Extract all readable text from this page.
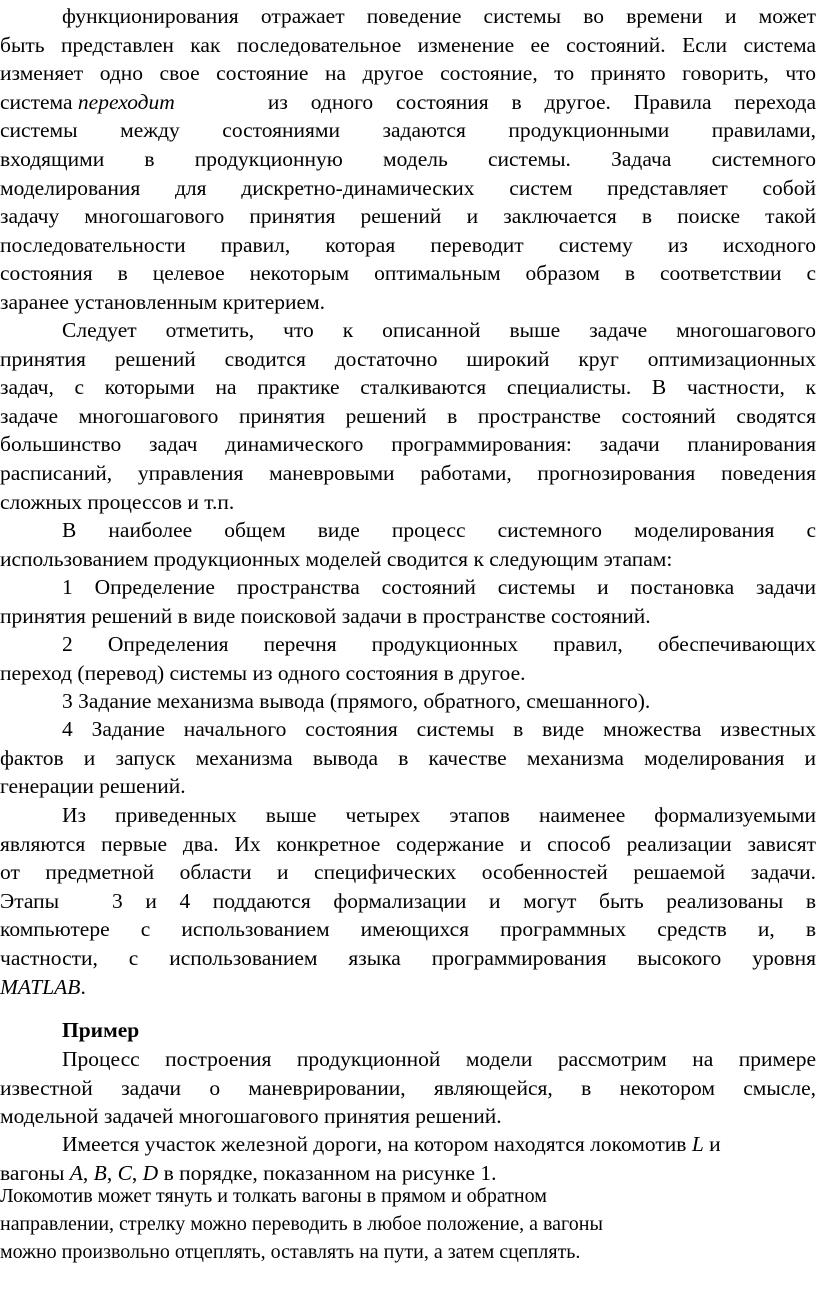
функционирования отражает поведение системы во времени и может
быть представлен как последовательное изменение ее состояний. Если система
изменяет одно свое состояние на другое состояние, то принято говорить, что
система переходит	из одного состояния в другое. Правила перехода
системы между состояниями задаются продукционными правилами,
входящими в продукционную модель системы. Задача системного
моделирования для дискретно-динамических систем представляет собой
задачу многошагового принятия решений и заключается в поиске такой
последовательности правил, которая переводит систему из исходного
состояния в целевое некоторым оптимальным образом в соответствии с
заранее установленным критерием.
Следует отметить, что к описанной выше задаче многошагового
принятия решений сводится достаточно широкий круг оптимизационных
задач, с которыми на практике сталкиваются специалисты. В частности, к
задаче многошагового принятия решений в пространстве состояний сводятся
большинство задач динамического программирования: задачи планирования
расписаний, управления маневровыми работами, прогнозирования поведения
сложных процессов и т.п.
В наиболее общем виде процесс системного моделирования с
использованием продукционных моделей сводится к следующим этапам:
1 Определение пространства состояний системы и постановка задачи
принятия решений в виде поисковой задачи в пространстве состояний.
2 Определения перечня продукционных правил, обеспечивающих
переход (перевод) системы из одного состояния в другое.
3 Задание механизма вывода (прямого, обратного, смешанного).
4 Задание начального состояния системы в виде множества известных
фактов и запуск механизма вывода в качестве механизма моделирования и
генерации решений.
Из приведенных выше четырех этапов наименее формализуемыми
являются первые два. Их конкретное содержание и способ реализации зависят
от предметной области и специфических особенностей решаемой задачи.
Этапы	3 и 4 поддаются формализации и могут быть реализованы в
компьютере с использованием имеющихся программных средств и, в
частности, с использованием языка программирования высокого уровня
MATLAB.
Пример
Процесс построения продукционной модели рассмотрим на примере
известной задачи о маневрировании, являющейся, в некотором смысле,
модельной задачей многошагового принятия решений.
Имеется участок железной дороги, на котором находятся локомотив L и
вагоны A, B, C, D в порядке, показанном на рисунке 1.
Локомотив может тянуть и толкать вагоны в прямом и обратном
направлении, стрелку можно переводить в любое положение, а вагоны
можно произвольно отцеплять, оставлять на пути, а затем сцеплять.
